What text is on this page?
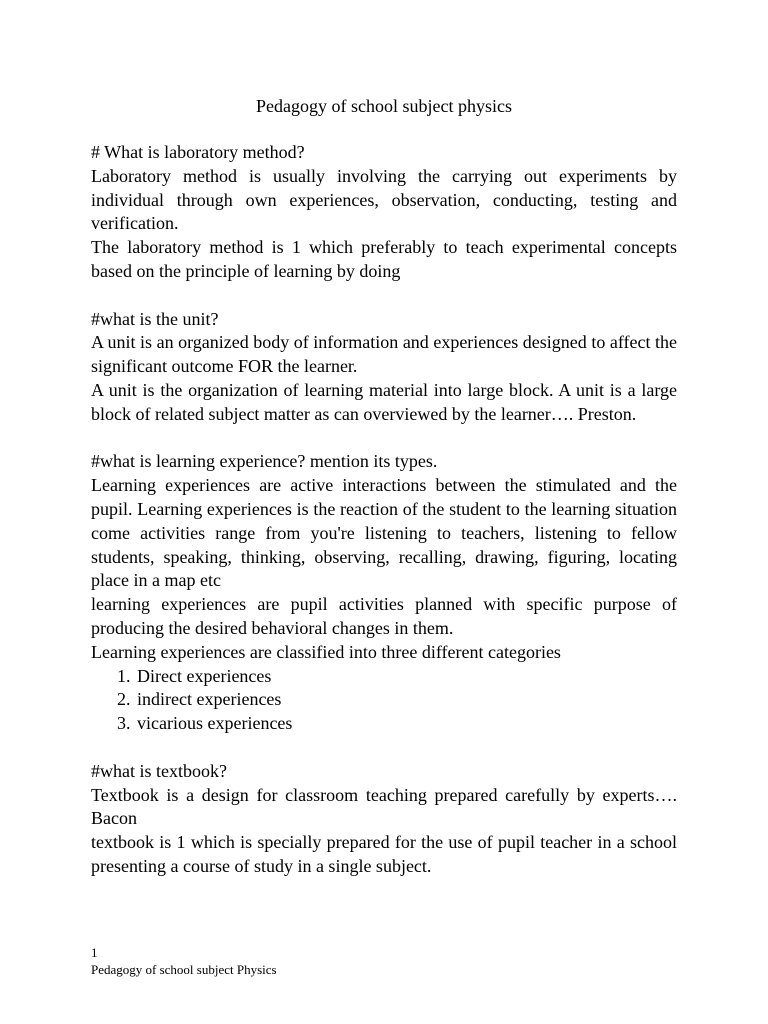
Pedagogy of school subject physics

# What is laboratory method?

Laboratory method is usually involving the carrying out experiments by individual through own experiences, observation, conducting, testing and verification.

The laboratory method is 1 which preferably to teach experimental concepts based on the principle of learning by doing

#what is the unit?

A unit is an organized body of information and experiences designed to affect the significant outcome FOR the learner.

A unit is the organization of learning material into large block. A unit is a large block of related subject matter as can overviewed by the learner…. Preston.

#what is learning experience? mention its types.

Learning experiences are active interactions between the stimulated and the pupil. Learning experiences is the reaction of the student to the learning situation come activities range from you're listening to teachers, listening to fellow students, speaking, thinking, observing, recalling, drawing, figuring, locating place in a map etc

learning experiences are pupil activities planned with specific purpose of producing the desired behavioral changes in them.

Learning experiences are classified into three different categories

1. Direct experiences
2. indirect experiences
3. vicarious experiences

#what is textbook?

Textbook is a design for classroom teaching prepared carefully by experts…. Bacon

textbook is 1 which is specially prepared for the use of pupil teacher in a school presenting a course of study in a single subject.

1
Pedagogy of school subject Physics
